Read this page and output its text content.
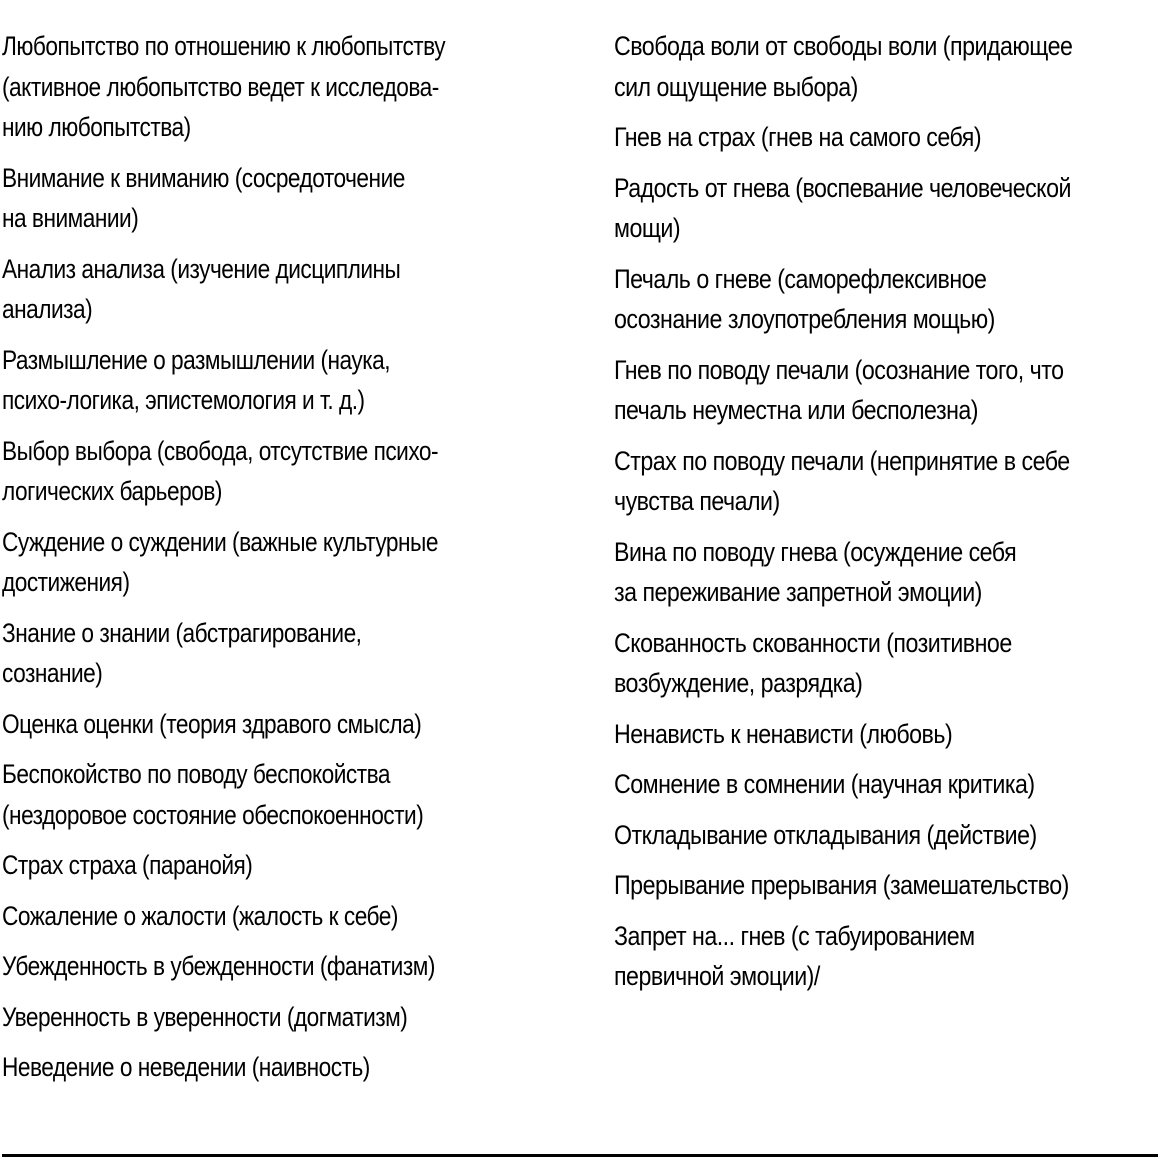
Любопытство по отношению к любопытству
(активное любопытство ведет к исследова-
нию любопытства)
Внимание к вниманию (сосредоточение
на внимании)
Анализ анализа (изучение дисциплины
анализа)
Размышление о размышлении (наука,
психо-логика, эпистемология и т. д.)
Выбор выбора (свобода, отсутствие психо-
логических барьеров)
Суждение о суждении (важные культурные
достижения)
Знание о знании (абстрагирование,
сознание)
Оценка оценки (теория здравого смысла)
Беспокойство по поводу беспокойства
(нездоровое состояние обеспокоенности)
Страх страха (паранойя)
Сожаление о жалости (жалость к себе)
Убежденность в убежденности (фанатизм)
Уверенность в уверенности (догматизм)
Неведение о неведении (наивность)
Свобода воли от свободы воли (придающее
сил ощущение выбора)
Гнев на страх (гнев на самого себя)
Радость от гнева (воспевание человеческой
мощи)
Печаль о гневе (саморефлексивное
осознание злоупотребления мощью)
Гнев по поводу печали (осознание того, что
печаль неуместна или бесполезна)
Страх по поводу печали (непринятие в себе
чувства печали)
Вина по поводу гнева (осуждение себя
за переживание запретной эмоции)
Скованность скованности (позитивное
возбуждение, разрядка)
Ненависть к ненависти (любовь)
Сомнение в сомнении (научная критика)
Откладывание откладывания (действие)
Прерывание прерывания (замешательство)
Запрет на... гнев (с табуированием
первичной эмоции)/
